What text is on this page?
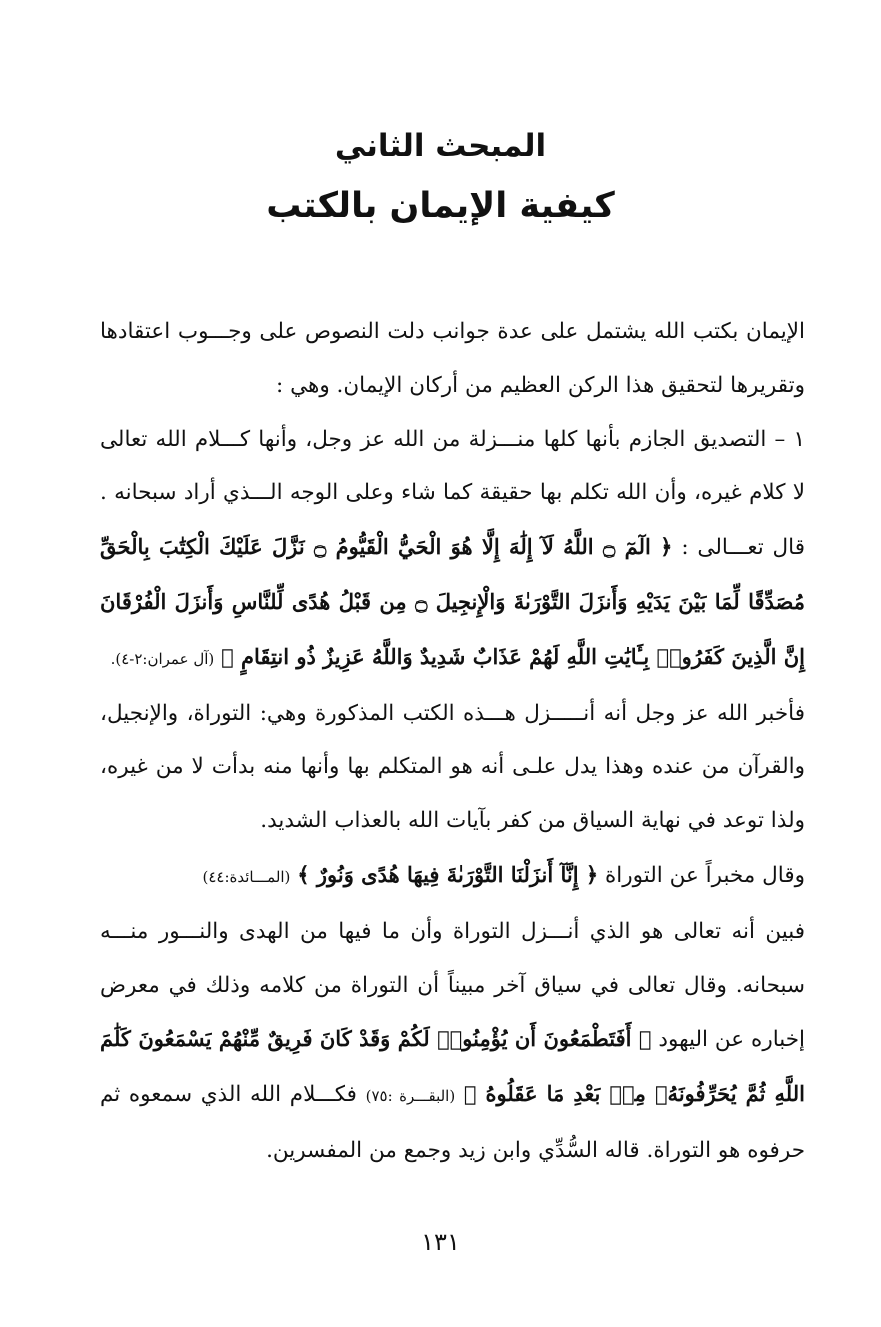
المبحث الثاني
كيفية الإيمان بالكتب

الإيمان بكتب الله يشتمل على عدة جوانب دلت النصوص على وجـــوب اعتقادها وتقريرها لتحقيق هذا الركن العظيم من أركان الإيمان. وهي :

١ – التصديق الجازم بأنها كلها منـــزلة من الله عز وجل، وأنها كـــلام الله تعالى لا كلام غيره، وأن الله تكلم بها حقيقة كما شاء وعلى الوجه الـــذي أراد سبحانه . قال تعـــالى : ﴿ الٓمٓ ۝ اللَّهُ لَآ إِلَٰهَ إِلَّا هُوَ الْحَيُّ الْقَيُّومُ ۝ نَزَّلَ عَلَيْكَ الْكِتَٰبَ بِالْحَقِّ مُصَدِّقًا لِّمَا بَيْنَ يَدَيْهِ وَأَنزَلَ التَّوْرَىٰةَ وَالْإِنجِيلَ ۝ مِن قَبْلُ هُدًى لِّلنَّاسِ وَأَنزَلَ الْفُرْقَانَ إِنَّ الَّذِينَ كَفَرُوا۟ بِـَٔايَٰتِ اللَّهِ لَهُمْ عَذَابٌ شَدِيدٌ وَاللَّهُ عَزِيزٌ ذُو انتِقَامٍ ﴾ (آل عمران:٢-٤).

فأخبر الله عز وجل أنه أنـــــزل هـــذه الكتب المذكورة وهي: التوراة، والإنجيل، والقرآن من عنده وهذا يدل علـى أنه هو المتكلم بها وأنها منه بدأت لا من غيره، ولذا توعد في نهاية السياق من كفر بآيات الله بالعذاب الشديد.

وقال مخبراً عن التوراة ﴿ إِنَّآ أَنزَلْنَا التَّوْرَىٰةَ فِيهَا هُدًى وَنُورٌ ﴾ (المـــائدة:٤٤)

فبين أنه تعالى هو الذي أنـــزل التوراة وأن ما فيها من الهدى والنـــور منـــه سبحانه. وقال تعالى في سياق آخر مبيناً أن التوراة من كلامه وذلك في معرض إخباره عن اليهود ﴿ أَفَتَطْمَعُونَ أَن يُؤْمِنُوا۟ لَكُمْ وَقَدْ كَانَ فَرِيقٌ مِّنْهُمْ يَسْمَعُونَ كَلَٰمَ اللَّهِ ثُمَّ يُحَرِّفُونَهُۥ مِنۢ بَعْدِ مَا عَقَلُوهُ ﴾ (البقـــرة :٧٥) فكـــلام الله الذي سمعوه ثم حرفوه هو التوراة. قاله السُّدِّي وابن زيد وجمع من المفسرين.

١٣١
